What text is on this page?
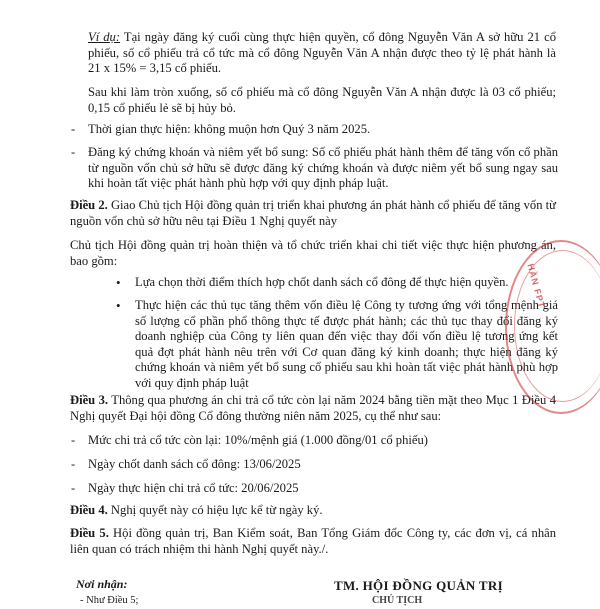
Ví dụ: Tại ngày đăng ký cuối cùng thực hiện quyền, cổ đông Nguyễn Văn A sở hữu 21 cổ phiếu, số cổ phiếu trả cổ tức mà cổ đông Nguyễn Văn A nhận được theo tỷ lệ phát hành là 21 x 15% = 3,15 cổ phiếu.

Sau khi làm tròn xuống, số cổ phiếu mà cổ đông Nguyễn Văn A nhận được là 03 cổ phiếu; 0,15 cổ phiếu lẻ sẽ bị hủy bỏ.

- Thời gian thực hiện: không muộn hơn Quý 3 năm 2025.

- Đăng ký chứng khoán và niêm yết bổ sung: Số cổ phiếu phát hành thêm để tăng vốn cổ phần từ nguồn vốn chủ sở hữu sẽ được đăng ký chứng khoán và được niêm yết bổ sung ngay sau khi hoàn tất việc phát hành phù hợp với quy định pháp luật.

Điều 2. Giao Chủ tịch Hội đồng quản trị triển khai phương án phát hành cổ phiếu để tăng vốn từ nguồn vốn chủ sở hữu nêu tại Điều 1 Nghị quyết này

Chủ tịch Hội đồng quản trị hoàn thiện và tổ chức triển khai chi tiết việc thực hiện phương án, bao gồm:

• Lựa chọn thời điểm thích hợp chốt danh sách cổ đông để thực hiện quyền.

• Thực hiện các thủ tục tăng thêm vốn điều lệ Công ty tương ứng với tổng mệnh giá số lượng cổ phần phổ thông thực tế được phát hành; các thủ tục thay đổi đăng ký doanh nghiệp của Công ty liên quan đến việc thay đổi vốn điều lệ tương ứng kết quả đợt phát hành nêu trên với Cơ quan đăng ký kinh doanh; thực hiện đăng ký chứng khoán và niêm yết bổ sung cổ phiếu sau khi hoàn tất việc phát hành phù hợp với quy định pháp luật

Điều 3. Thông qua phương án chi trả cổ tức còn lại năm 2024 bằng tiền mặt theo Mục 1 Điều 4 Nghị quyết Đại hội đồng Cổ đông thường niên năm 2025, cụ thể như sau:

- Mức chi trả cổ tức còn lại: 10%/mệnh giá (1.000 đồng/01 cổ phiếu)

- Ngày chốt danh sách cổ đông: 13/06/2025

- Ngày thực hiện chi trả cổ tức: 20/06/2025

Điều 4. Nghị quyết này có hiệu lực kể từ ngày ký.

Điều 5. Hội đồng quản trị, Ban Kiểm soát, Ban Tổng Giám đốc Công ty, các đơn vị, cá nhân liên quan có trách nhiệm thi hành Nghị quyết này./.

Nơi nhận:
- Như Điều 5;
TM. HỘI ĐỒNG QUẢN TRỊ
CHỦ TỊCH
HẦN FPT
